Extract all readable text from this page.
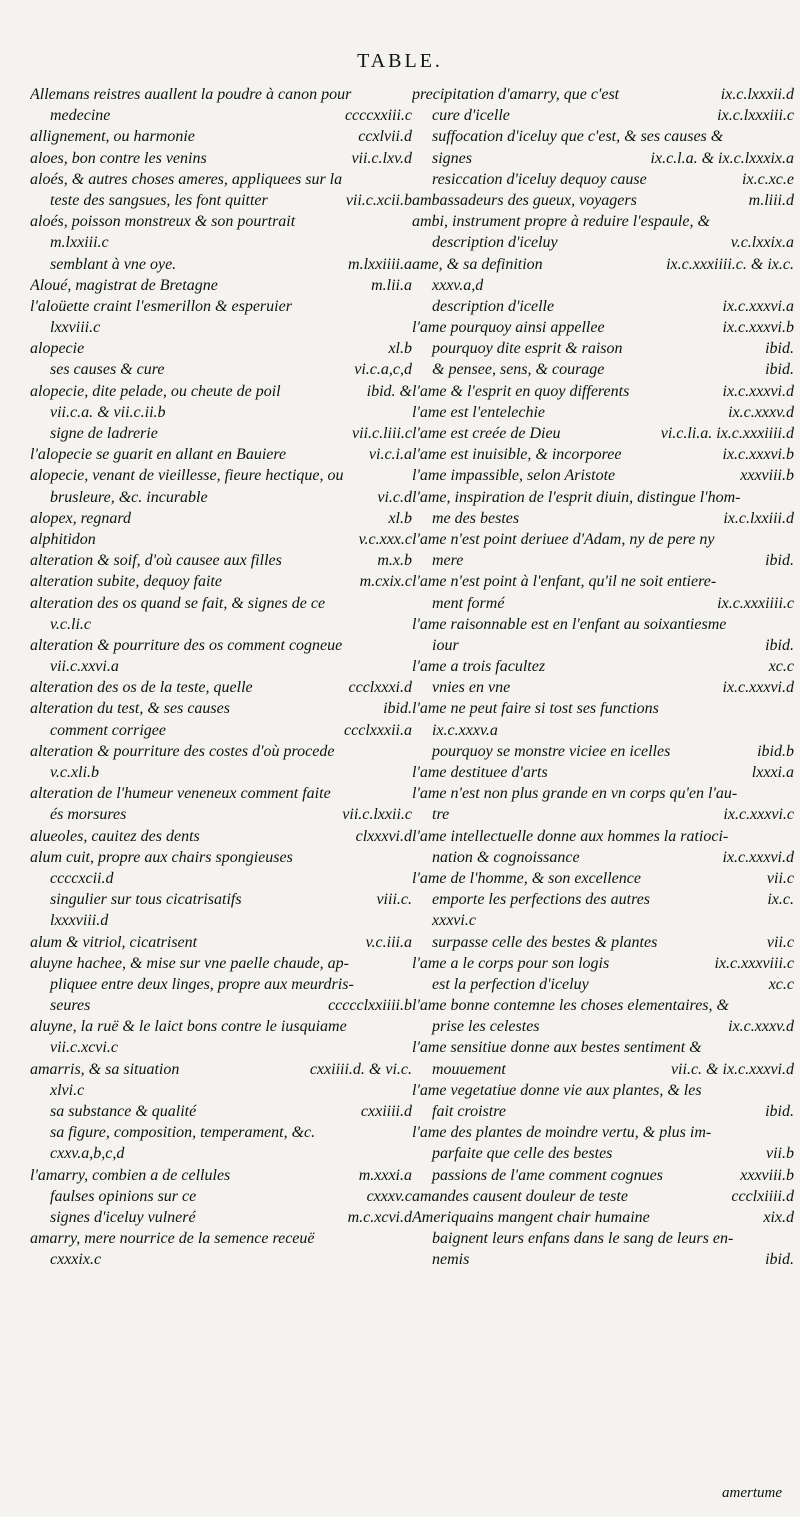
TABLE.
Allemans reistres auallent la poudre à canon pour
medecine	ccccxxiii.c
allignement, ou harmonie	ccxlvii.d
aloes, bon contre les venins	vii.c.lxv.d
aloés, & autres choses ameres, appliquees sur la
teste des sangsues, les font quitter	vii.c.xcii.b
aloés, poisson monstreux & son pourtrait
m.lxxiii.c
semblant à vne oye.	m.lxxiiii.a
Aloué, magistrat de Bretagne	m.lii.a
l'aloüette craint l'esmerillon & esperuier
lxxviii.c
alopecie	xl.b
ses causes & cure	vi.c.a,c,d
alopecie, dite pelade, ou cheute de poil	ibid. &
vii.c.a. & vii.c.ii.b
signe de ladrerie	vii.c.liii.c
l'alopecie se guarit en allant en Bauiere	vi.c.i.a
alopecie, venant de vieillesse, fieure hectique, ou
brusleure, &c. incurable	vi.c.d
alopex, regnard	xl.b
alphitidon	v.c.xxx.c
alteration & soif, d'où causee aux filles	m.x.b
alteration subite, dequoy faite	m.cxix.c
alteration des os quand se fait, & signes de ce
v.c.li.c
alteration & pourriture des os comment cogneue
vii.c.xxvi.a
alteration des os de la teste, quelle	ccclxxxi.d
alteration du test, & ses causes	ibid.
comment corrigee	ccclxxxii.a
alteration & pourriture des costes d'où procede
v.c.xli.b
alteration de l'humeur veneneux comment faite
és morsures	vii.c.lxxii.c
alueoles, cauitez des dents	clxxxvi.d
alum cuit, propre aux chairs spongieuses
ccccxcii.d
singulier sur tous cicatrisatifs	viii.c.
lxxxviii.d
alum & vitriol, cicatrisent	v.c.iii.a
aluyne hachee, & mise sur vne paelle chaude, ap-
pliquee entre deux linges, propre aux meurdris-
seures	ccccclxxiiii.b
aluyne, la ruë & le laict bons contre le iusquiame
vii.c.xcvi.c
amarris, & sa situation	cxxiiii.d. & vi.c.
xlvi.c
sa substance & qualité	cxxiiii.d
sa figure, composition, temperament, &c.
cxxv.a,b,c,d
l'amarry, combien a de cellules	m.xxxi.a
faulses opinions sur ce	cxxxv.c
signes d'iceluy vulneré	m.c.xcvi.d
amarry, mere nourrice de la semence receuë
cxxxix.c
precipitation d'amarry, que c'est	ix.c.lxxxii.d
cure d'icelle	ix.c.lxxxiii.c
suffocation d'iceluy que c'est, & ses causes &
signes	ix.c.l.a. & ix.c.lxxxix.a
resiccation d'iceluy dequoy cause	ix.c.xc.e
ambassadeurs des gueux, voyagers	m.liii.d
ambi, instrument propre à reduire l'espaule, &
description d'iceluy	v.c.lxxix.a
ame, & sa definition	ix.c.xxxiiii.c. & ix.c.
xxxv.a,d
description d'icelle	ix.c.xxxvi.a
l'ame pourquoy ainsi appellee	ix.c.xxxvi.b
pourquoy dite esprit & raison	ibid.
& pensee, sens, & courage	ibid.
l'ame & l'esprit en quoy differents	ix.c.xxxvi.d
l'ame est l'entelechie	ix.c.xxxv.d
l'ame est creée de Dieu	vi.c.li.a. ix.c.xxxiiii.d
l'ame est inuisible, & incorporee	ix.c.xxxvi.b
l'ame impassible, selon Aristote	xxxviii.b
l'ame, inspiration de l'esprit diuin, distingue l'hom-
me des bestes	ix.c.lxxiii.d
l'ame n'est point deriuee d'Adam, ny de pere ny
mere	ibid.
l'ame n'est point à l'enfant, qu'il ne soit entiere-
ment formé	ix.c.xxxiiii.c
l'ame raisonnable est en l'enfant au soixantiesme
iour	ibid.
l'ame a trois facultez	xc.c
vnies en vne	ix.c.xxxvi.d
l'ame ne peut faire si tost ses functions
ix.c.xxxv.a
pourquoy se monstre viciee en icelles	ibid.b
l'ame destituee d'arts	lxxxi.a
l'ame n'est non plus grande en vn corps qu'en l'au-
tre	ix.c.xxxvi.c
l'ame intellectuelle donne aux hommes la ratioci-
nation & cognoissance	ix.c.xxxvi.d
l'ame de l'homme, & son excellence	vii.c
emporte les perfections des autres	ix.c.
xxxvi.c
surpasse celle des bestes & plantes	vii.c
l'ame a le corps pour son logis	ix.c.xxxviii.c
est la perfection d'iceluy	xc.c
l'ame bonne contemne les choses elementaires, &
prise les celestes	ix.c.xxxv.d
l'ame sensitiue donne aux bestes sentiment &
mouuement	vii.c. & ix.c.xxxvi.d
l'ame vegetatiue donne vie aux plantes, & les
fait croistre	ibid.
l'ame des plantes de moindre vertu, & plus im-
parfaite que celle des bestes	vii.b
passions de l'ame comment cognues	xxxviii.b
amandes causent douleur de teste	ccclxiiii.d
Ameriquains mangent chair humaine	xix.d
baignent leurs enfans dans le sang de leurs en-
nemis	ibid.
amertume
